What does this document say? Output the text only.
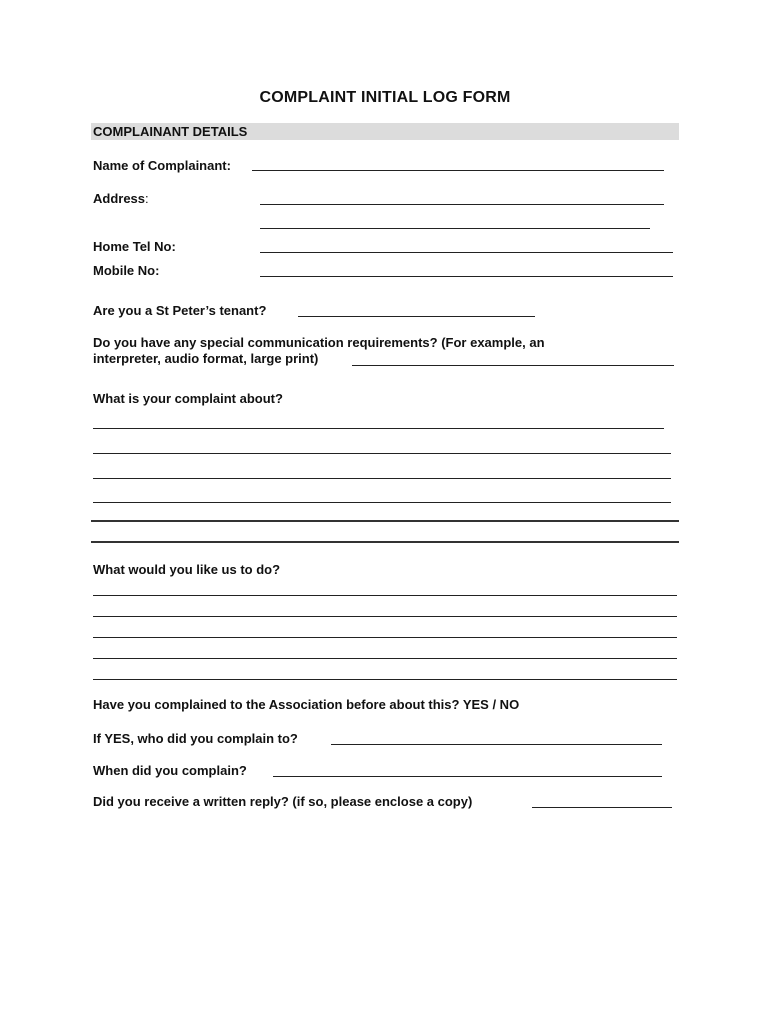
COMPLAINT INITIAL LOG FORM
COMPLAINANT DETAILS
Name of Complainant:
Address:
Home Tel No:
Mobile No:
Are you a St Peter’s tenant?
Do you have any special communication requirements? (For example, an
interpreter, audio format, large print)
What is your complaint about?
What would you like us to do?
Have you complained to the Association before about this? YES / NO
If YES, who did you complain to?
When did you complain?
Did you receive a written reply? (if so, please enclose a copy)
